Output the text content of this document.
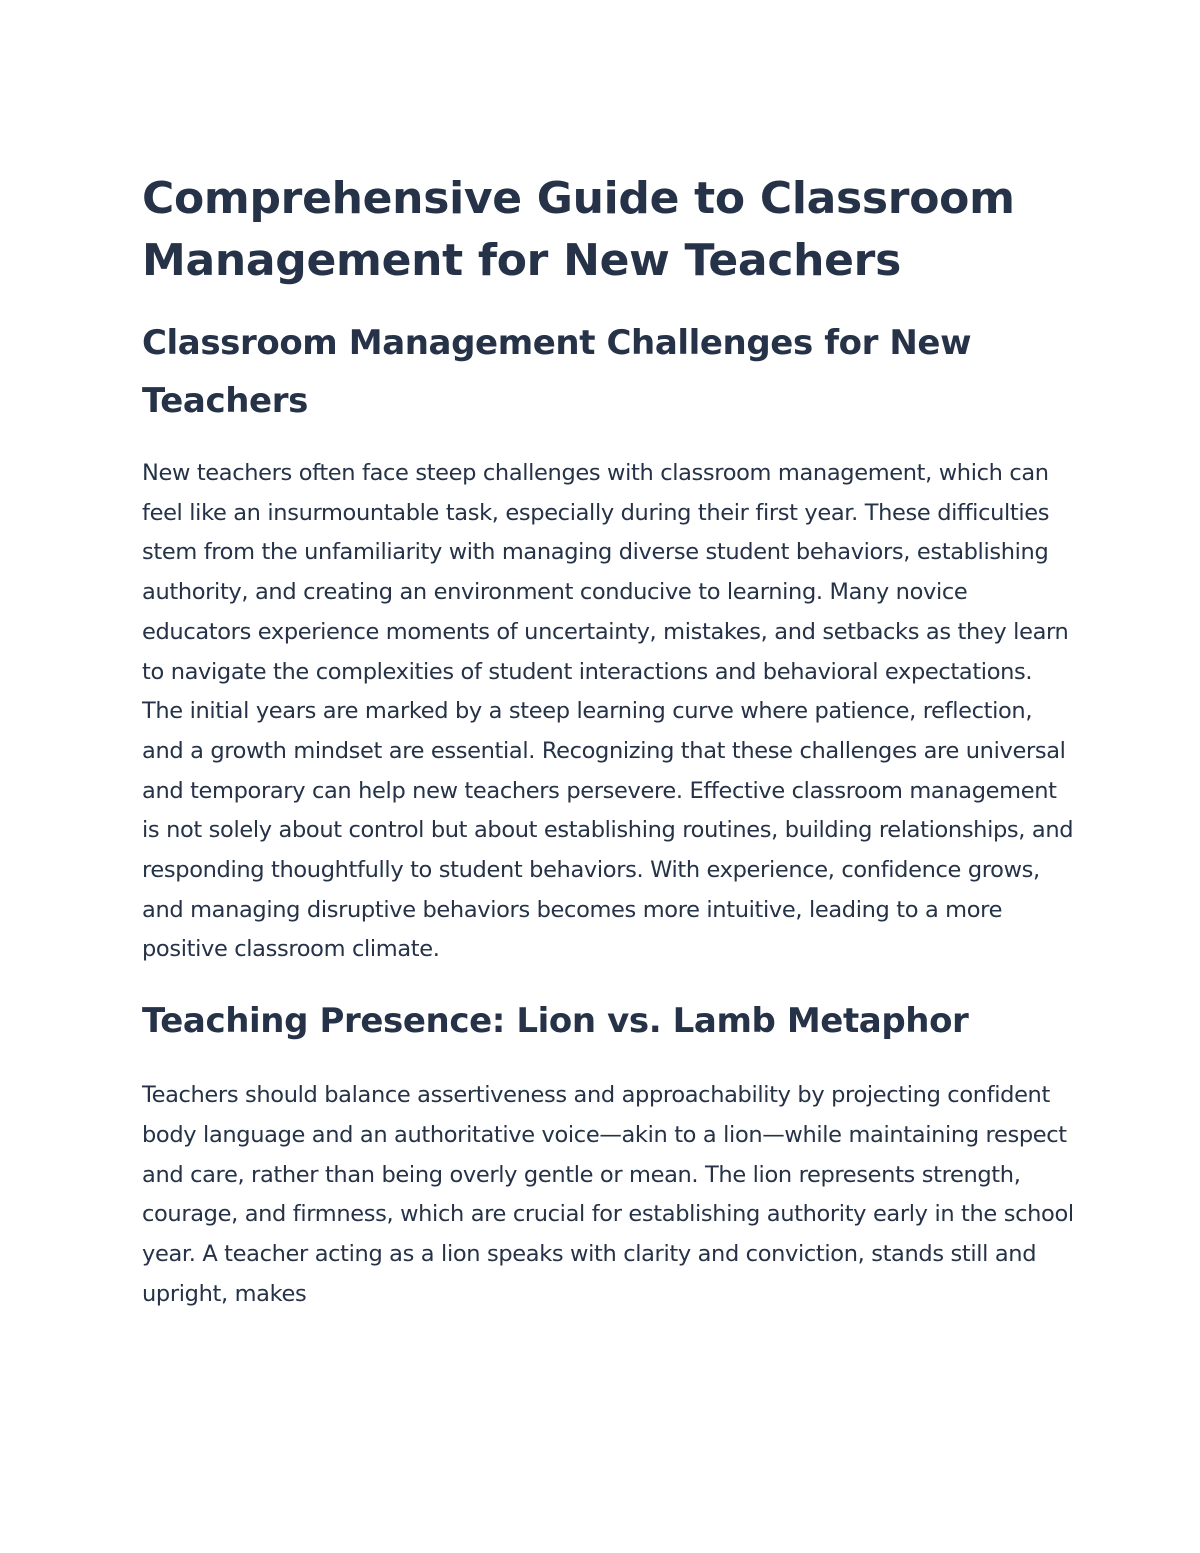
Comprehensive Guide to Classroom Management for New Teachers
Classroom Management Challenges for New Teachers

New teachers often face steep challenges with classroom management, which can feel like an insurmountable task, especially during their first year. These difficulties stem from the unfamiliarity with managing diverse student behaviors, establishing authority, and creating an environment conducive to learning. Many novice educators experience moments of uncertainty, mistakes, and setbacks as they learn to navigate the complexities of student interactions and behavioral expectations. The initial years are marked by a steep learning curve where patience, reflection, and a growth mindset are essential. Recognizing that these challenges are universal and temporary can help new teachers persevere. Effective classroom management is not solely about control but about establishing routines, building relationships, and responding thoughtfully to student behaviors. With experience, confidence grows, and managing disruptive behaviors becomes more intuitive, leading to a more positive classroom climate.

Teaching Presence: Lion vs. Lamb Metaphor

Teachers should balance assertiveness and approachability by projecting confident body language and an authoritative voice—akin to a lion—while maintaining respect and care, rather than being overly gentle or mean. The lion represents strength, courage, and firmness, which are crucial for establishing authority early in the school year. A teacher acting as a lion speaks with clarity and conviction, stands still and upright, makes
